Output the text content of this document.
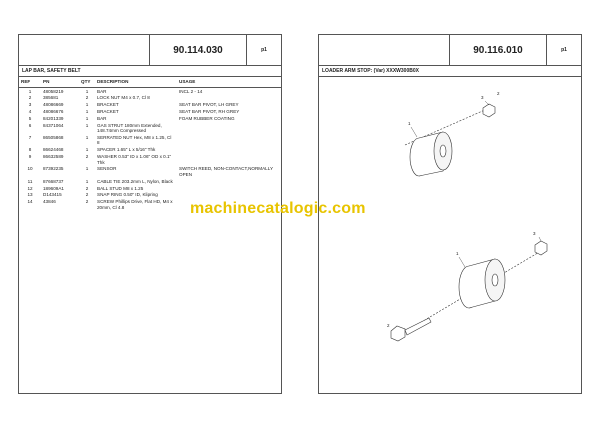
90.114.030	p1
LAP BAR, SAFETY BELT
REF	PN	QTY	DESCRIPTION	USAGE
1	48058219	1	BAR	INCL 2 - 14
2	385681	2	LOCK NUT M4 x 0.7, Cl 8	
3	48086669	1	BRACKET	SEAT BAR PIVOT, LH GREY
4	48086676	1	BRACKET	SEAT BAR PIVOT, RH GREY
5	84201339	1	BAR	FOAM RUBBER COATING
6	84371064	1	GAS STRUT 180mm Extended, 148.74mm Compressed	
7	86505868	1	SERRATED NUT Hex, M8 x 1.25, Cl 8	
8	86624468	1	SPACER 1.65" L x 5/16" Thk	
9	86632589	2	WASHER 0.53" ID x 1.06" OD x 0.1" Thk	
10	87392235	1	SENSOR	SWITCH REED, NON-CONTACT,NORMALLY OPEN
11	87668737	1	CABLE TIE 203.2mm L, Nylon, Black	
12	189609A1	2	BALL STUD M8 x 1.25	
13	D143415	2	SNAP RING 0.50" ID, Klipring	
14	43846	2	SCREW Phillips Drive, Flat HD, M4 x 20mm, Cl 4.8	
90.116.010	p1
LOADER ARM STOP: (Var) XXXW300B0X
1
3
2
1
3
2
machinecatalogic.com
